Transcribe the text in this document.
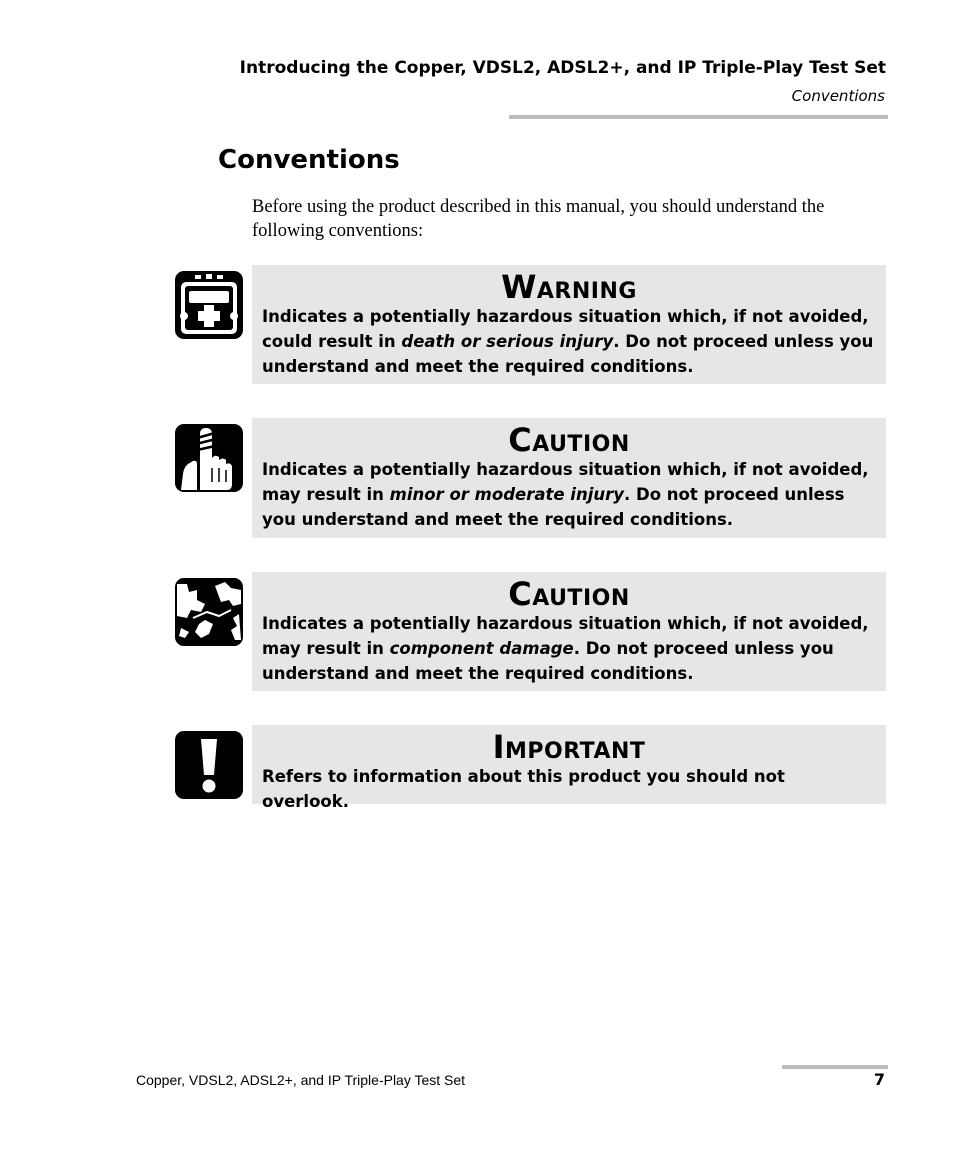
Introducing the Copper, VDSL2, ADSL2+, and IP Triple-Play Test Set
Conventions
Conventions

Before using the product described in this manual, you should understand the following conventions:

Warning

Indicates a potentially hazardous situation which, if not avoided, could result in death or serious injury. Do not proceed unless you understand and meet the required conditions.

Caution

Indicates a potentially hazardous situation which, if not avoided, may result in minor or moderate injury. Do not proceed unless you understand and meet the required conditions.

Caution

Indicates a potentially hazardous situation which, if not avoided, may result in component damage. Do not proceed unless you understand and meet the required conditions.

Important

Refers to information about this product you should not overlook.

Copper, VDSL2, ADSL2+, and IP Triple-Play Test Set	7
